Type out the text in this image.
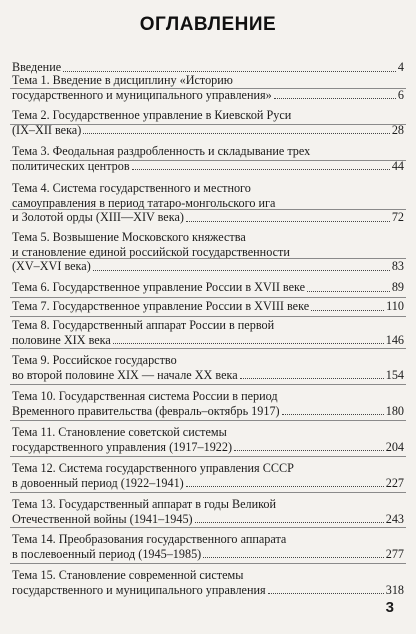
ОГЛАВЛЕНИЕ
Введение	4
Тема 1. Введение в дисциплину «Историю
государственного и муниципального управления»	6
Тема 2. Государственное управление в Киевской Руси
(IX–XII века)	28
Тема 3. Феодальная раздробленность и складывание трех
политических центров	44
Тема 4. Система государственного и местного
самоуправления в период татаро-монгольского ига
и Золотой орды (XIII—XIV века)	72
Тема 5. Возвышение Московского княжества
и становление единой российской государственности
(XV–XVI века)	83
Тема 6. Государственное управление России в XVII веке	89
Тема 7. Государственное управление России в XVIII веке	110
Тема 8. Государственный аппарат России в первой
половине XIX века	146
Тема 9. Российское государство
во второй половине XIX — начале XX века	154
Тема 10. Государственная система России в период
Временного правительства (февраль–октябрь 1917)	180
Тема 11. Становление советской системы
государственного управления (1917–1922)	204
Тема 12. Система государственного управления СССР
в довоенный период (1922–1941)	227
Тема 13. Государственный аппарат в годы Великой
Отечественной войны (1941–1945)	243
Тема 14. Преобразования государственного аппарата
в послевоенный период (1945–1985)	277
Тема 15. Становление современной системы
государственного и муниципального управления	318
3
